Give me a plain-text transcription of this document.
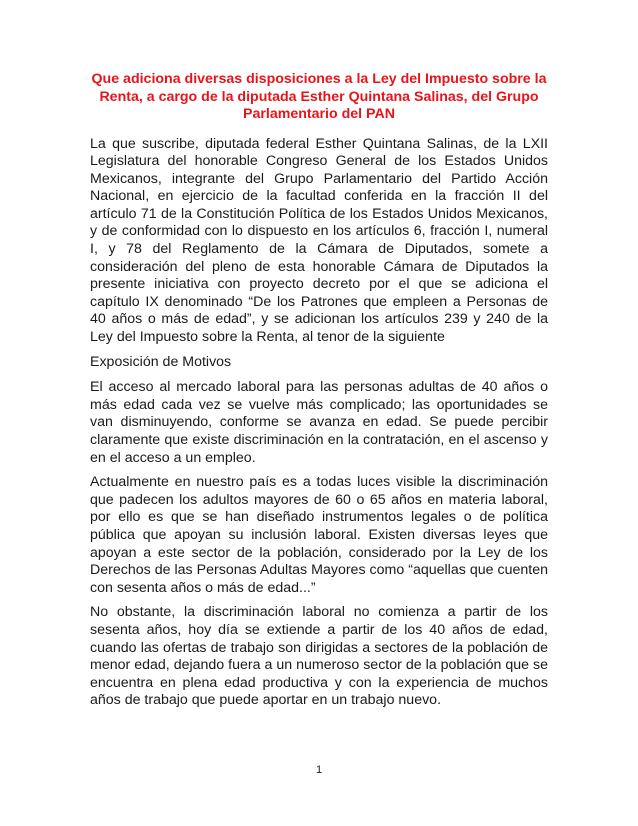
Que adiciona diversas disposiciones a la Ley del Impuesto sobre la Renta, a cargo de la diputada Esther Quintana Salinas, del Grupo Parlamentario del PAN

La que suscribe, diputada federal Esther Quintana Salinas, de la LXII Legislatura del honorable Congreso General de los Estados Unidos Mexicanos, integrante del Grupo Parlamentario del Partido Acción Nacional, en ejercicio de la facultad conferida en la fracción II del artículo 71 de la Constitución Política de los Estados Unidos Mexicanos, y de conformidad con lo dispuesto en los artículos 6, fracción I, numeral I, y 78 del Reglamento de la Cámara de Diputados, somete a consideración del pleno de esta honorable Cámara de Diputados la presente iniciativa con proyecto decreto por el que se adiciona el capítulo IX denominado “De los Patrones que empleen a Personas de 40 años o más de edad”, y se adicionan los artículos 239 y 240 de la Ley del Impuesto sobre la Renta, al tenor de la siguiente

Exposición de Motivos

El acceso al mercado laboral para las personas adultas de 40 años o más edad cada vez se vuelve más complicado; las oportunidades se van disminuyendo, conforme se avanza en edad. Se puede percibir claramente que existe discriminación en la contratación, en el ascenso y en el acceso a un empleo.

Actualmente en nuestro país es a todas luces visible la discriminación que padecen los adultos mayores de 60 o 65 años en materia laboral, por ello es que se han diseñado instrumentos legales o de política pública que apoyan su inclusión laboral. Existen diversas leyes que apoyan a este sector de la población, considerado por la Ley de los Derechos de las Personas Adultas Mayores como “aquellas que cuenten con sesenta años o más de edad...”

No obstante, la discriminación laboral no comienza a partir de los sesenta años, hoy día se extiende a partir de los 40 años de edad, cuando las ofertas de trabajo son dirigidas a sectores de la población de menor edad, dejando fuera a un numeroso sector de la población que se encuentra en plena edad productiva y con la experiencia de muchos años de trabajo que puede aportar en un trabajo nuevo.

1
